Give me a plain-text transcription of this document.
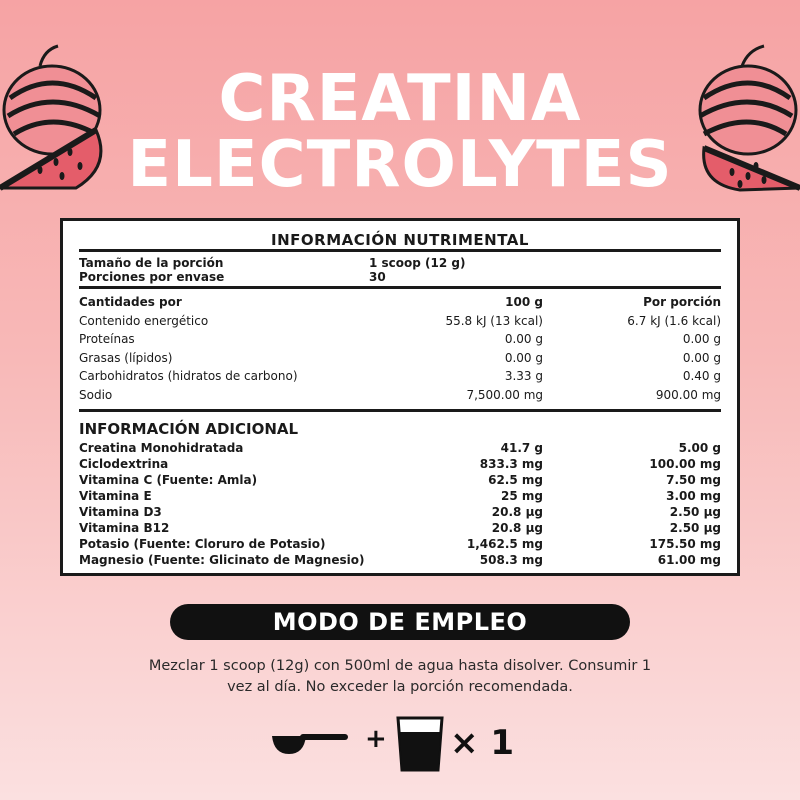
CREATINA
ELECTROLYTES
INFORMACIÓN NUTRIMENTAL
Tamaño de la porción	1 scoop (12 g)
Porciones por envase	30
Cantidades por	100 g	Por porción
Contenido energético	55.8 kJ (13 kcal)	6.7 kJ (1.6 kcal)
Proteínas	0.00 g	0.00 g
Grasas (lípidos)	0.00 g	0.00 g
Carbohidratos (hidratos de carbono)	3.33 g	0.40 g
Sodio	7,500.00 mg	900.00 mg
INFORMACIÓN ADICIONAL
Creatina Monohidratada	41.7 g	5.00 g
Ciclodextrina	833.3 mg	100.00 mg
Vitamina C (Fuente: Amla)	62.5 mg	7.50 mg
Vitamina E	25 mg	3.00 mg
Vitamina D3	20.8 µg	2.50 µg
Vitamina B12	20.8 µg	2.50 µg
Potasio (Fuente: Cloruro de Potasio)	1,462.5 mg	175.50 mg
Magnesio (Fuente: Glicinato de Magnesio)	508.3 mg	61.00 mg
MODO DE EMPLEO
Mezclar 1 scoop (12g) con 500ml de agua hasta disolver. Consumir 1
vez al día. No exceder la porción recomendada.
+ × 1
